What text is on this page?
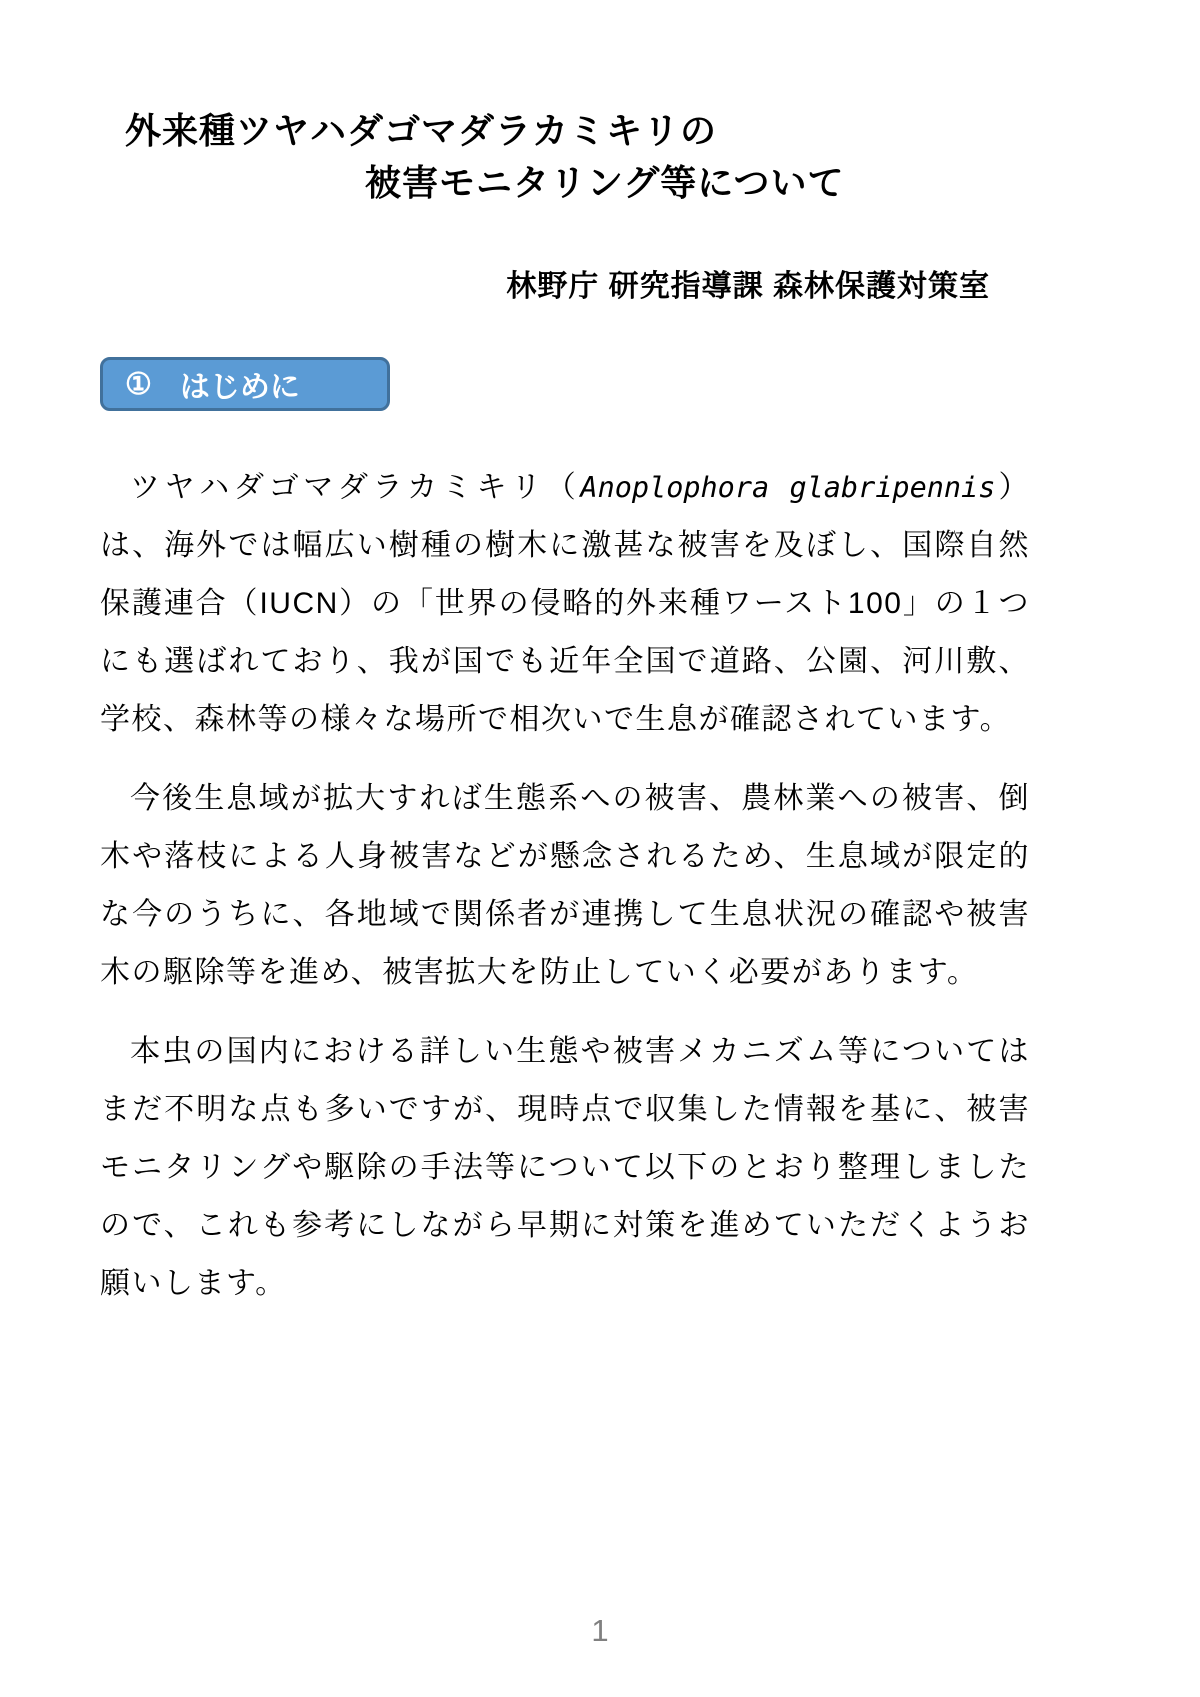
外来種ツヤハダゴマダラカミキリの
被害モニタリング等について
林野庁 研究指導課 森林保護対策室
① はじめに

ツヤハダゴマダラカミキリ（Anoplophora glabripennis）は、海外では幅広い樹種の樹木に激甚な被害を及ぼし、国際自然保護連合（IUCN）の「世界の侵略的外来種ワースト100」の１つにも選ばれており、我が国でも近年全国で道路、公園、河川敷、学校、森林等の様々な場所で相次いで生息が確認されています。

今後生息域が拡大すれば生態系への被害、農林業への被害、倒木や落枝による人身被害などが懸念されるため、生息域が限定的な今のうちに、各地域で関係者が連携して生息状況の確認や被害木の駆除等を進め、被害拡大を防止していく必要があります。

本虫の国内における詳しい生態や被害メカニズム等についてはまだ不明な点も多いですが、現時点で収集した情報を基に、被害モニタリングや駆除の手法等について以下のとおり整理しましたので、これも参考にしながら早期に対策を進めていただくようお願いします。

1
